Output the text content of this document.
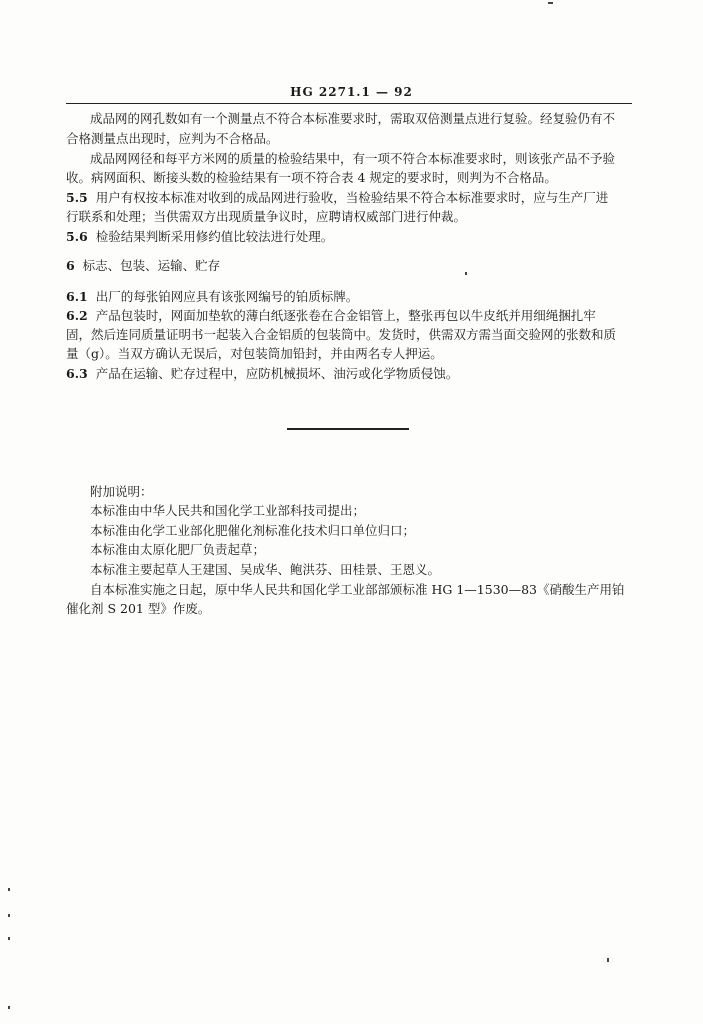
HG 2271.1 — 92
成品网的网孔数如有一个测量点不符合本标准要求时，需取双倍测量点进行复验。经复验仍有不
合格测量点出现时，应判为不合格品。
成品网网径和每平方米网的质量的检验结果中，有一项不符合本标准要求时，则该张产品不予验
收。病网面积、断接头数的检验结果有一项不符合表 4 规定的要求时，则判为不合格品。
5.5 用户有权按本标准对收到的成品网进行验收，当检验结果不符合本标准要求时，应与生产厂进
行联系和处理；当供需双方出现质量争议时，应聘请权威部门进行仲裁。
5.6 检验结果判断采用修约值比较法进行处理。
6 标志、包装、运输、贮存
6.1 出厂的每张铂网应具有该张网编号的铂质标牌。
6.2 产品包装时，网面加垫软的薄白纸逐张卷在合金铝管上，整张再包以牛皮纸并用细绳捆扎牢
固，然后连同质量证明书一起装入合金铝质的包装筒中。发货时，供需双方需当面交验网的张数和质
量（g）。当双方确认无误后，对包装筒加铅封，并由两名专人押运。
6.3 产品在运输、贮存过程中，应防机械损坏、油污或化学物质侵蚀。
附加说明：
本标准由中华人民共和国化学工业部科技司提出；
本标准由化学工业部化肥催化剂标准化技术归口单位归口；
本标准由太原化肥厂负责起草；
本标准主要起草人王建国、吴成华、鲍洪芬、田桂景、王恩义。
自本标准实施之日起，原中华人民共和国化学工业部部颁标准 HG 1—1530—83《硝酸生产用铂
催化剂 S 201 型》作废。
